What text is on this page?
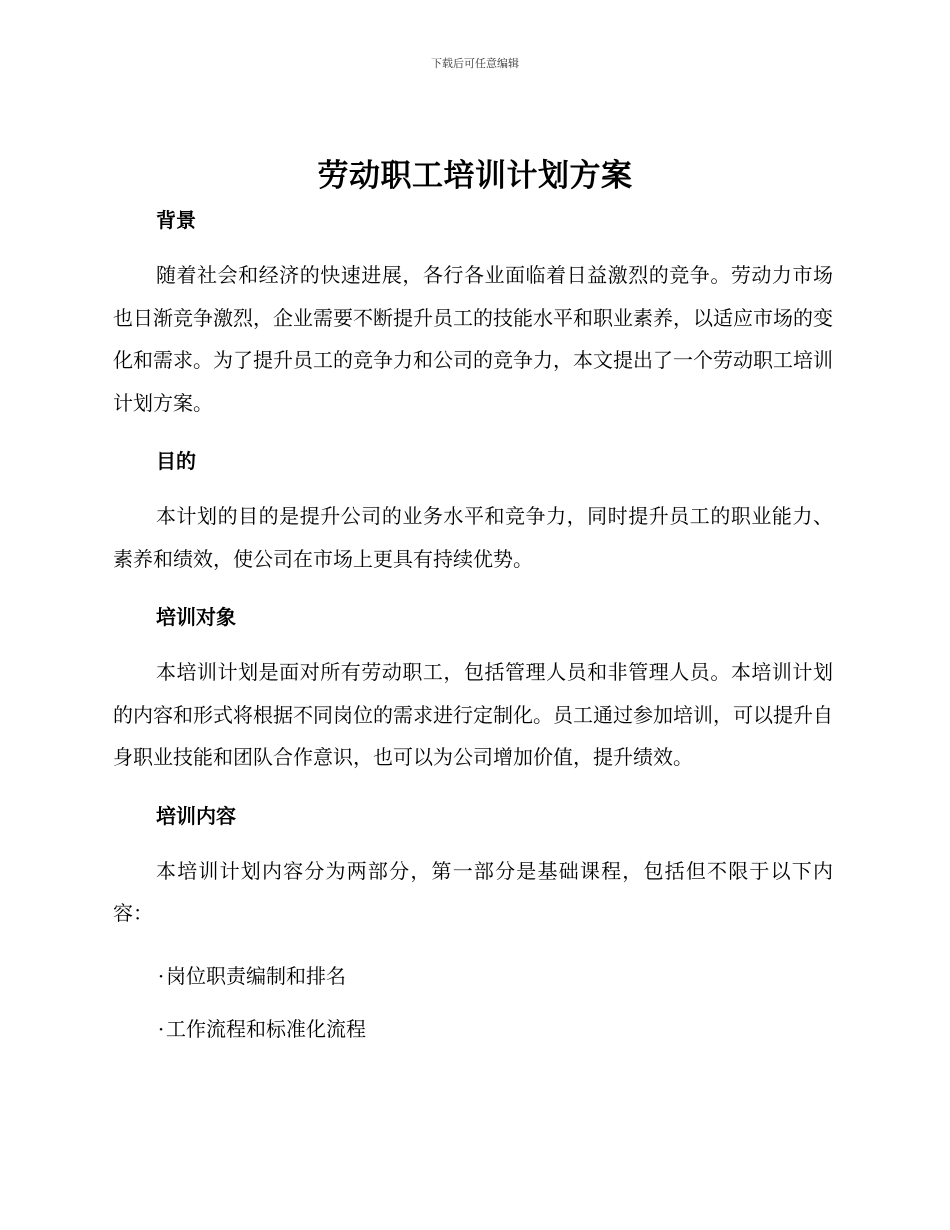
下载后可任意编辑
劳动职工培训计划方案

背景

随着社会和经济的快速进展，各行各业面临着日益激烈的竞争。劳动力市场也日渐竞争激烈，企业需要不断提升员工的技能水平和职业素养，以适应市场的变化和需求。为了提升员工的竞争力和公司的竞争力，本文提出了一个劳动职工培训计划方案。

目的

本计划的目的是提升公司的业务水平和竞争力，同时提升员工的职业能力、素养和绩效，使公司在市场上更具有持续优势。

培训对象

本培训计划是面对所有劳动职工，包括管理人员和非管理人员。本培训计划的内容和形式将根据不同岗位的需求进行定制化。员工通过参加培训，可以提升自身职业技能和团队合作意识，也可以为公司增加价值，提升绩效。

培训内容

本培训计划内容分为两部分，第一部分是基础课程，包括但不限于以下内容：

·岗位职责编制和排名

·工作流程和标准化流程
